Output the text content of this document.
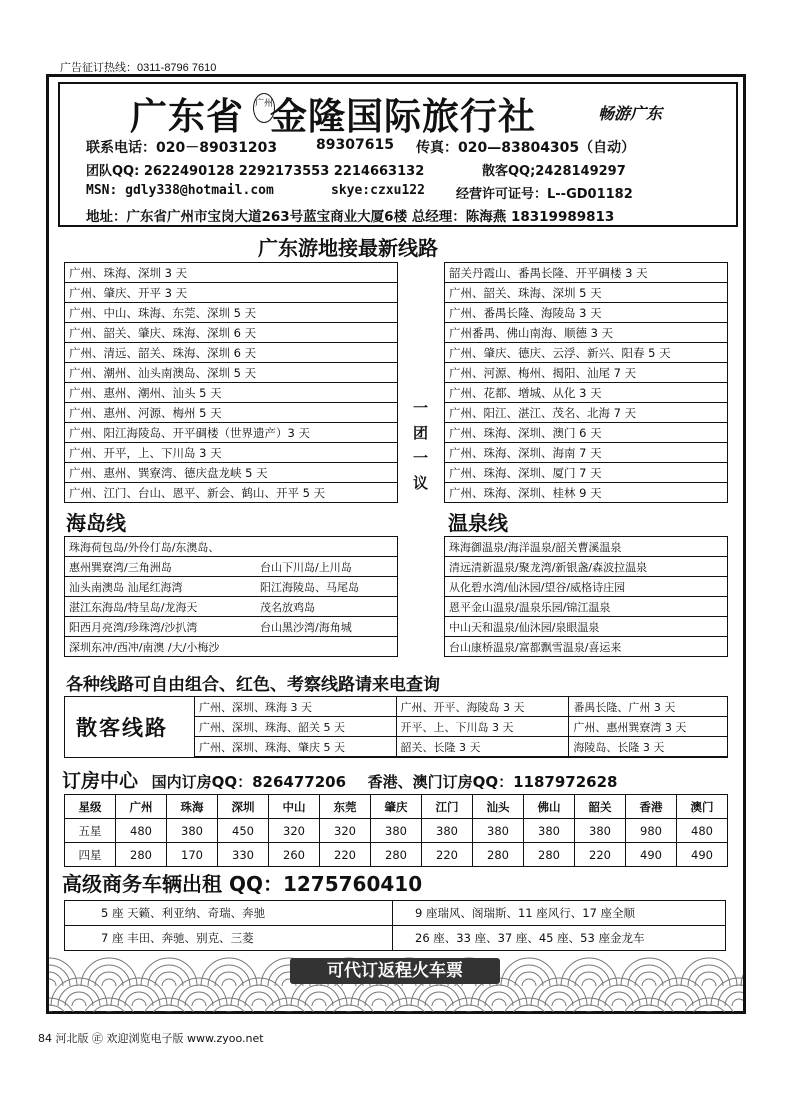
广告征订热线：0311-8796 7610
广东省 金隆国际旅行社
广州	畅游广东
联系电话： 020－89031203	89307615 传真：020—83804305（自动）
团队QQ: 2622490128 2292173553 2214663132	散客QQ;2428149297
MSN: gdly338@hotmail.com	skye:czxu122 经营许可证号：L--GD01182
地址：广东省广州市宝岗大道263号蓝宝商业大厦6楼 总经理：陈海燕 18319989813
广东游地接最新线路
广州、珠海、深圳 3 天
广州、肇庆、开平 3 天
广州、中山、珠海、东莞、深圳 5 天
广州、韶关、肇庆、珠海、深圳 6 天
广州、清远、韶关、珠海、深圳 6 天
广州、潮州、汕头南澳岛、深圳 5 天
广州、惠州、潮州、汕头 5 天
广州、惠州、河源、梅州 5 天
广州、阳江海陵岛、开平碉楼（世界遗产）3 天
广州、开平，上、下川岛 3 天
广州、惠州、巽寮湾、德庆盘龙峡 5 天
广州、江门、台山、恩平、新会、鹤山、开平 5 天
韶关丹霞山、番禺长隆、开平碉楼 3 天
广州、韶关、珠海、深圳 5 天
广州、番禺长隆、海陵岛 3 天
广州番禺、佛山南海、顺德 3 天
广州、肇庆、德庆、云浮、新兴、阳春 5 天
广州、河源、梅州、揭阳、汕尾 7 天
广州、花都、增城、从化 3 天
广州、阳江、湛江、茂名、北海 7 天
广州、珠海、深圳、澳门 6 天
广州、珠海、深圳、海南 7 天
广州、珠海、深圳、厦门 7 天
广州、珠海、深圳、桂林 9 天
一团一议
海岛线	温泉线
珠海荷包岛/外伶仃岛/东澳岛、

惠州巽寮湾/三角洲岛	台山下川岛/上川岛

汕头南澳岛 汕尾红海湾	阳江海陵岛、马尾岛

湛江东海岛/特呈岛/龙海天	茂名放鸡岛

阳西月亮湾/珍珠湾/沙扒湾	台山黑沙湾/海角城

深圳东冲/西冲/南澳 /大/小梅沙
珠海御温泉/海洋温泉/韶关曹溪温泉
清远清新温泉/聚龙湾/新银盏/森波拉温泉
从化碧水湾/仙沐园/望谷/威格诗庄园
恩平金山温泉/温泉乐园/锦江温泉
中山天和温泉/仙沐园/泉眼温泉
台山康桥温泉/富都飘雪温泉/喜运来
各种线路可自由组合、红色、考察线路请来电查询
散客线路
广州、深圳、珠海 3 天	广州、开平、海陵岛 3 天	番禺长隆、广州 3 天
广州、深圳、珠海、韶关 5 天	开平、上、下川岛 3 天	广州、惠州巽寮湾 3 天
广州、深圳、珠海、肇庆 5 天	韶关、长隆 3 天	海陵岛、长隆 3 天
订房中心 国内订房QQ：826477206 香港、澳门订房QQ：1187972628
星级	广州	珠海	深圳	中山	东莞	肇庆	江门	汕头	佛山	韶关	香港	澳门
五星	480	380	450	320	320	380	380	380	380	380	980	480
四星	280	170	330	260	220	280	220	280	280	220	490	490
高级商务车辆出租 QQ：1275760410
5 座 天籁、利亚纳、奇瑞、奔驰	9 座瑞风、阁瑞斯、11 座风行、17 座全顺
7 座 丰田、奔驰、别克、三菱	26 座、33 座、37 座、45 座、53 座金龙车
可代订返程火车票
84 河北版 ㊣ 欢迎浏览电子版 www.zyoo.net
